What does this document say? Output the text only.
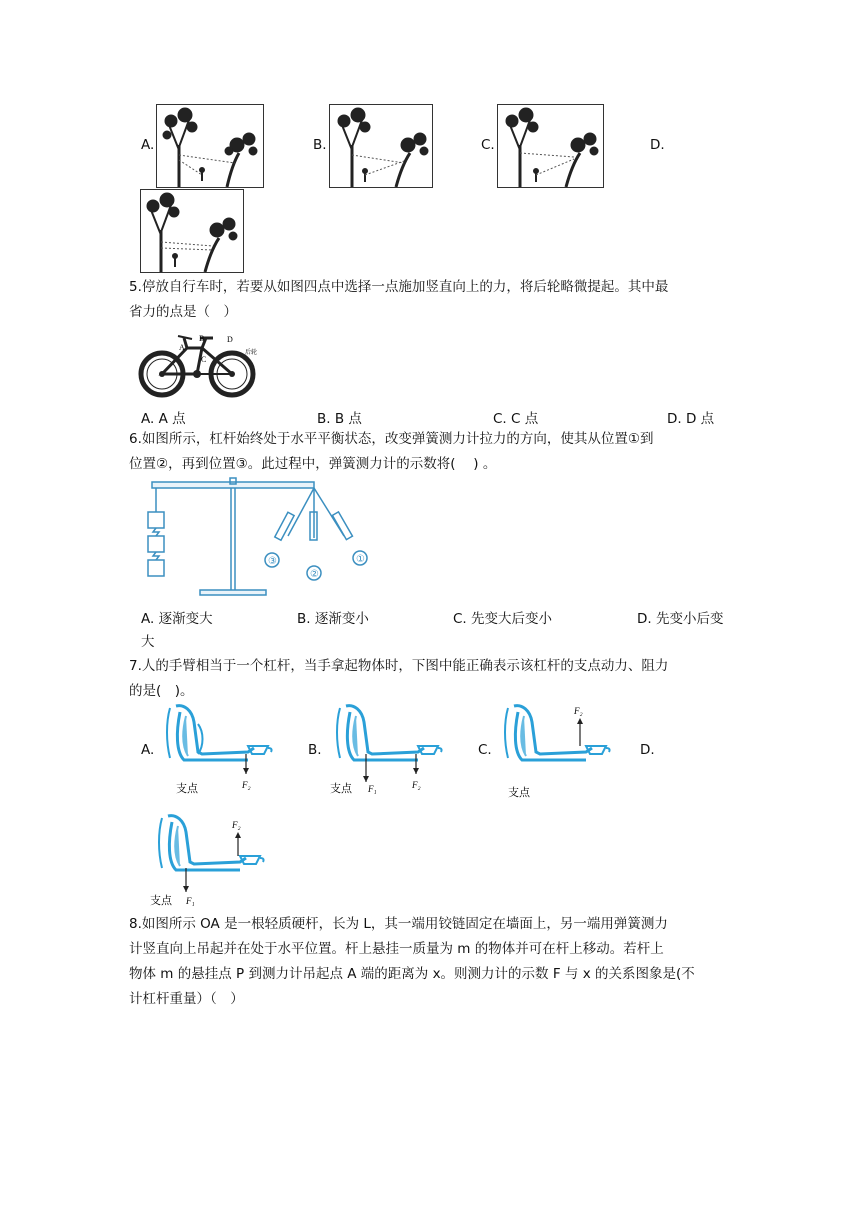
A.	B.	C.	D.
5.停放自行车时，若要从如图四点中选择一点施加竖直向上的力，将后轮略微提起。其中最
省力的点是（　）
A
B
C
D
后轮
A. A 点	B. B 点	C. C 点	D. D 点
6.如图所示，杠杆始终处于水平平衡状态，改变弹簧测力计拉力的方向，使其从位置①到
位置②，再到位置③。此过程中，弹簧测力计的示数将(　 ) 。
③
②
①
A. 逐渐变大	B. 逐渐变小	C. 先变大后变小	D. 先变小后变
大
7.人的手臂相当于一个杠杆，当手拿起物体时，下图中能正确表示该杠杆的支点动力、阻力
的是(　)。
A.
支点	F₂
B.
支点 F₁	F₂
C.
F₂
支点
D.
F₂
支点 F₁
8.如图所示 OA 是一根轻质硬杆，长为 L，其一端用铰链固定在墙面上，另一端用弹簧测力
计竖直向上吊起并在处于水平位置。杆上悬挂一质量为 m 的物体并可在杆上移动。若杆上
物体 m 的悬挂点 P 到测力计吊起点 A 端的距离为 x。则测力计的示数 F 与 x 的关系图象是(不
计杠杆重量）（　）
